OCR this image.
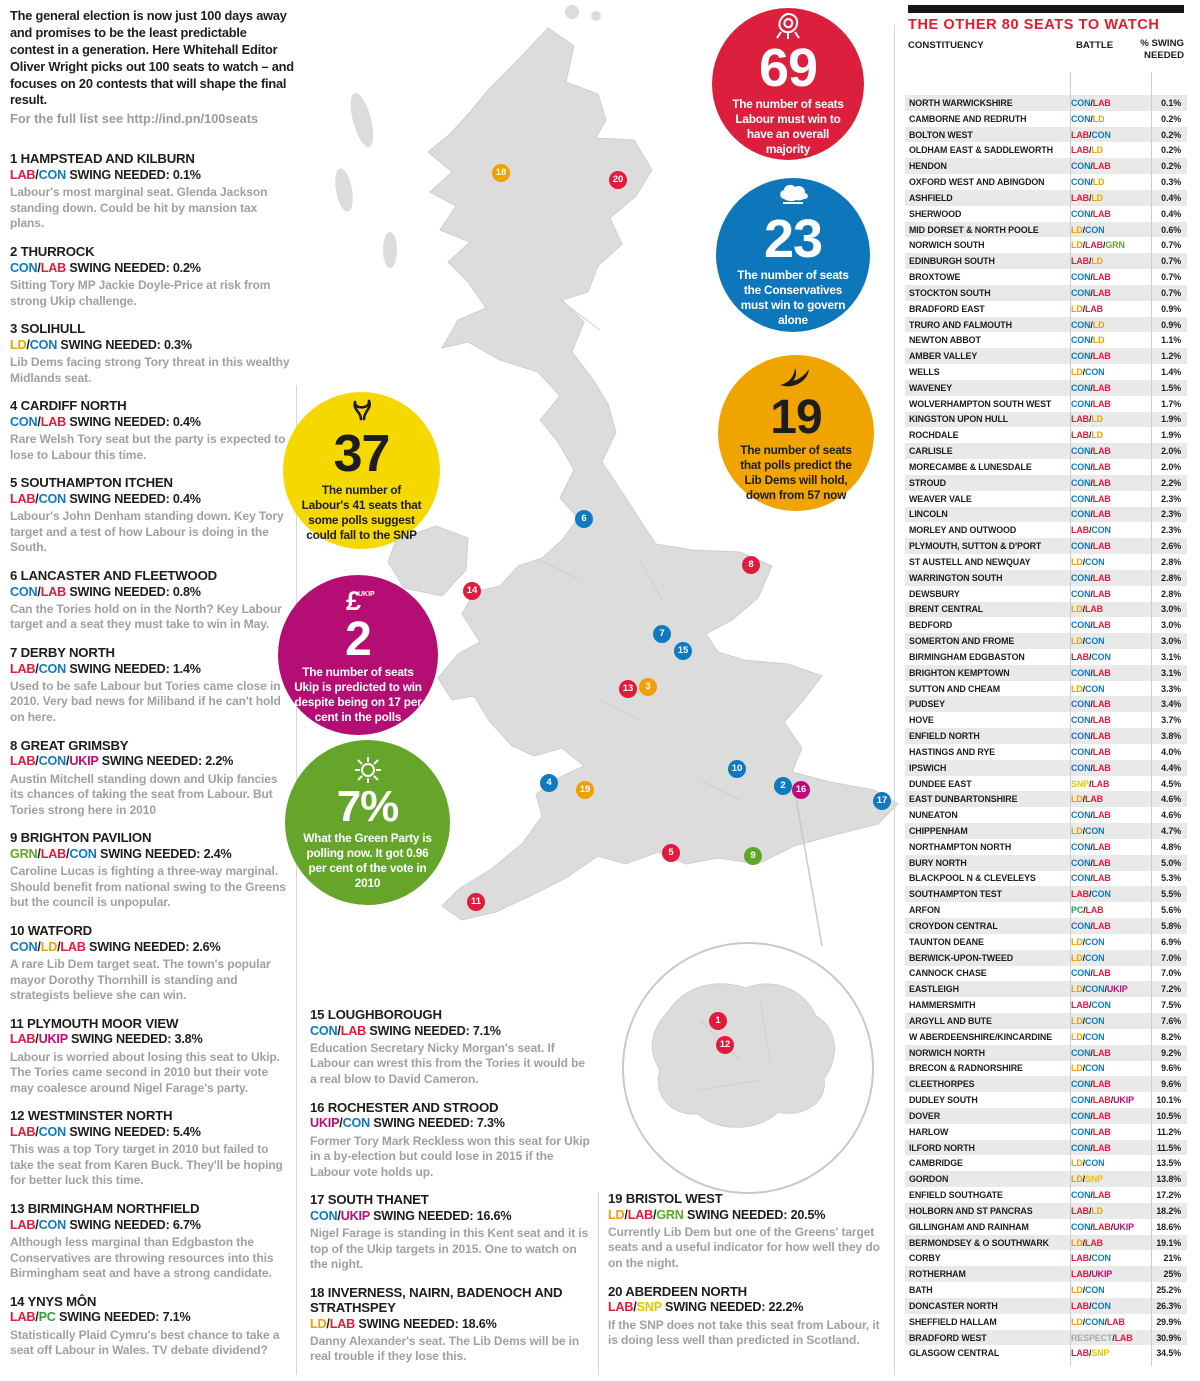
69
The number of seats Labour must win to have an overall majority
23
The number of seats the Conservatives must win to govern alone
19
The number of seats that polls predict the Lib Dems will hold, down from 57 now
37
The number of Labour's 41 seats that some polls suggest could fall to the SNP
£
UKIP
2
The number of seats Ukip is predicted to win despite being on 17 per cent in the polls
7%
What the Green Party is polling now. It got 0.96 per cent of the vote in 2010
18
20
6
8
14
7
15
13	3
10
4
19	2	16
17
5	9
11
1
12

The general election is now just 100 days away and promises to be the least predictable contest in a generation. Here Whitehall Editor Oliver Wright picks out 100 seats to watch – and focuses on 20 contests that will shape the final result.

For the full list see http://ind.pn/100seats

1 HAMPSTEAD AND KILBURN
LAB/CON SWING NEEDED: 0.1%
Labour's most marginal seat. Glenda Jackson standing down. Could be hit by mansion tax plans.
2 THURROCK
CON/LAB SWING NEEDED: 0.2%
Sitting Tory MP Jackie Doyle-Price at risk from strong Ukip challenge.
3 SOLIHULL
LD/CON SWING NEEDED: 0.3%
Lib Dems facing strong Tory threat in this wealthy Midlands seat.
4 CARDIFF NORTH
CON/LAB SWING NEEDED: 0.4%
Rare Welsh Tory seat but the party is expected to lose to Labour this time.
5 SOUTHAMPTON ITCHEN
LAB/CON SWING NEEDED: 0.4%
Labour's John Denham standing down. Key Tory target and a test of how Labour is doing in the South.
6 LANCASTER AND FLEETWOOD
CON/LAB SWING NEEDED: 0.8%
Can the Tories hold on in the North? Key Labour target and a seat they must take to win in May.
7 DERBY NORTH
LAB/CON SWING NEEDED: 1.4%
Used to be safe Labour but Tories came close in 2010. Very bad news for Miliband if he can't hold on here.
8 GREAT GRIMSBY
LAB/CON/UKIP SWING NEEDED: 2.2%
Austin Mitchell standing down and Ukip fancies its chances of taking the seat from Labour. But Tories strong here in 2010
9 BRIGHTON PAVILION
GRN/LAB/CON SWING NEEDED: 2.4%
Caroline Lucas is fighting a three-way marginal. Should benefit from national swing to the Greens but the council is unpopular.
10 WATFORD
CON/LD/LAB SWING NEEDED: 2.6%
A rare Lib Dem target seat. The town's popular mayor Dorothy Thornhill is standing and strategists believe she can win.
11 PLYMOUTH MOOR VIEW
LAB/UKIP SWING NEEDED: 3.8%
Labour is worried about losing this seat to Ukip. The Tories came second in 2010 but their vote may coalesce around Nigel Farage's party.
12 WESTMINSTER NORTH
LAB/CON SWING NEEDED: 5.4%
This was a top Tory target in 2010 but failed to take the seat from Karen Buck. They'll be hoping for better luck this time.
13 BIRMINGHAM NORTHFIELD
LAB/CON SWING NEEDED: 6.7%
Although less marginal than Edgbaston the Conservatives are throwing resources into this Birmingham seat and have a strong candidate.
14 YNYS MÔN
LAB/PC SWING NEEDED: 7.1%
Statistically Plaid Cymru's best chance to take a seat off Labour in Wales. TV debate dividend?
15 LOUGHBOROUGH
CON/LAB SWING NEEDED: 7.1%
Education Secretary Nicky Morgan's seat. If Labour can wrest this from the Tories it would be a real blow to David Cameron.
16 ROCHESTER AND STROOD
UKIP/CON SWING NEEDED: 7.3%
Former Tory Mark Reckless won this seat for Ukip in a by-election but could lose in 2015 if the Labour vote holds up.
17 SOUTH THANET
CON/UKIP SWING NEEDED: 16.6%
Nigel Farage is standing in this Kent seat and it is top of the Ukip targets in 2015. One to watch on the night.
18 INVERNESS, NAIRN, BADENOCH AND STRATHSPEY
LD/LAB SWING NEEDED: 18.6%
Danny Alexander's seat. The Lib Dems will be in real trouble if they lose this.
19 BRISTOL WEST
LD/LAB/GRN SWING NEEDED: 20.5%
Currently Lib Dem but one of the Greens' target seats and a useful indicator for how well they do on the night.
20 ABERDEEN NORTH
LAB/SNP SWING NEEDED: 22.2%
If the SNP does not take this seat from Labour, it is doing less well than predicted in Scotland.
THE OTHER 80 SEATS TO WATCH
CONSTITUENCY	BATTLE	% SWING NEEDED
NORTH WARWICKSHIRE	CON/LAB	0.1%
CAMBORNE AND REDRUTH	CON/LD	0.2%
BOLTON WEST	LAB/CON	0.2%
OLDHAM EAST & SADDLEWORTH	LAB/LD	0.2%
HENDON	CON/LAB	0.2%
OXFORD WEST AND ABINGDON	CON/LD	0.3%
ASHFIELD	LAB/LD	0.4%
SHERWOOD	CON/LAB	0.4%
MID DORSET & NORTH POOLE	LD/CON	0.6%
NORWICH SOUTH	LD/LAB/GRN	0.7%
EDINBURGH SOUTH	LAB/LD	0.7%
BROXTOWE	CON/LAB	0.7%
STOCKTON SOUTH	CON/LAB	0.7%
BRADFORD EAST	LD/LAB	0.9%
TRURO AND FALMOUTH	CON/LD	0.9%
NEWTON ABBOT	CON/LD	1.1%
AMBER VALLEY	CON/LAB	1.2%
WELLS	LD/CON	1.4%
WAVENEY	CON/LAB	1.5%
WOLVERHAMPTON SOUTH WEST	CON/LAB	1.7%
KINGSTON UPON HULL	LAB/LD	1.9%
ROCHDALE	LAB/LD	1.9%
CARLISLE	CON/LAB	2.0%
MORECAMBE & LUNESDALE	CON/LAB	2.0%
STROUD	CON/LAB	2.2%
WEAVER VALE	CON/LAB	2.3%
LINCOLN	CON/LAB	2.3%
MORLEY AND OUTWOOD	LAB/CON	2.3%
PLYMOUTH, SUTTON & D'PORT	CON/LAB	2.6%
ST AUSTELL AND NEWQUAY	LD/CON	2.8%
WARRINGTON SOUTH	CON/LAB	2.8%
DEWSBURY	CON/LAB	2.8%
BRENT CENTRAL	LD/LAB	3.0%
BEDFORD	CON/LAB	3.0%
SOMERTON AND FROME	LD/CON	3.0%
BIRMINGHAM EDGBASTON	LAB/CON	3.1%
BRIGHTON KEMPTOWN	CON/LAB	3.1%
SUTTON AND CHEAM	LD/CON	3.3%
PUDSEY	CON/LAB	3.4%
HOVE	CON/LAB	3.7%
ENFIELD NORTH	CON/LAB	3.8%
HASTINGS AND RYE	CON/LAB	4.0%
IPSWICH	CON/LAB	4.4%
DUNDEE EAST	SNP/LAB	4.5%
EAST DUNBARTONSHIRE	LD/LAB	4.6%
NUNEATON	CON/LAB	4.6%
CHIPPENHAM	LD/CON	4.7%
NORTHAMPTON NORTH	CON/LAB	4.8%
BURY NORTH	CON/LAB	5.0%
BLACKPOOL N & CLEVELEYS	CON/LAB	5.3%
SOUTHAMPTON TEST	LAB/CON	5.5%
ARFON	PC/LAB	5.6%
CROYDON CENTRAL	CON/LAB	5.8%
TAUNTON DEANE	LD/CON	6.9%
BERWICK-UPON-TWEED	LD/CON	7.0%
CANNOCK CHASE	CON/LAB	7.0%
EASTLEIGH	LD/CON/UKIP	7.2%
HAMMERSMITH	LAB/CON	7.5%
ARGYLL AND BUTE	LD/CON	7.6%
W ABERDEENSHIRE/KINCARDINE	LD/CON	8.2%
NORWICH NORTH	CON/LAB	9.2%
BRECON & RADNORSHIRE	LD/CON	9.6%
CLEETHORPES	CON/LAB	9.6%
DUDLEY SOUTH	CON/LAB/UKIP	10.1%
DOVER	CON/LAB	10.5%
HARLOW	CON/LAB	11.2%
ILFORD NORTH	CON/LAB	11.5%
CAMBRIDGE	LD/CON	13.5%
GORDON	LD/SNP	13.8%
ENFIELD SOUTHGATE	CON/LAB	17.2%
HOLBORN AND ST PANCRAS	LAB/LD	18.2%
GILLINGHAM AND RAINHAM	CON/LAB/UKIP	18.6%
BERMONDSEY & O SOUTHWARK	LD/LAB	19.1%
CORBY	LAB/CON	21%
ROTHERHAM	LAB/UKIP	25%
BATH	LD/CON	25.2%
DONCASTER NORTH	LAB/CON	26.3%
SHEFFIELD HALLAM	LD/CON/LAB	29.9%
BRADFORD WEST	RESPECT/LAB	30.9%
GLASGOW CENTRAL	LAB/SNP	34.5%
